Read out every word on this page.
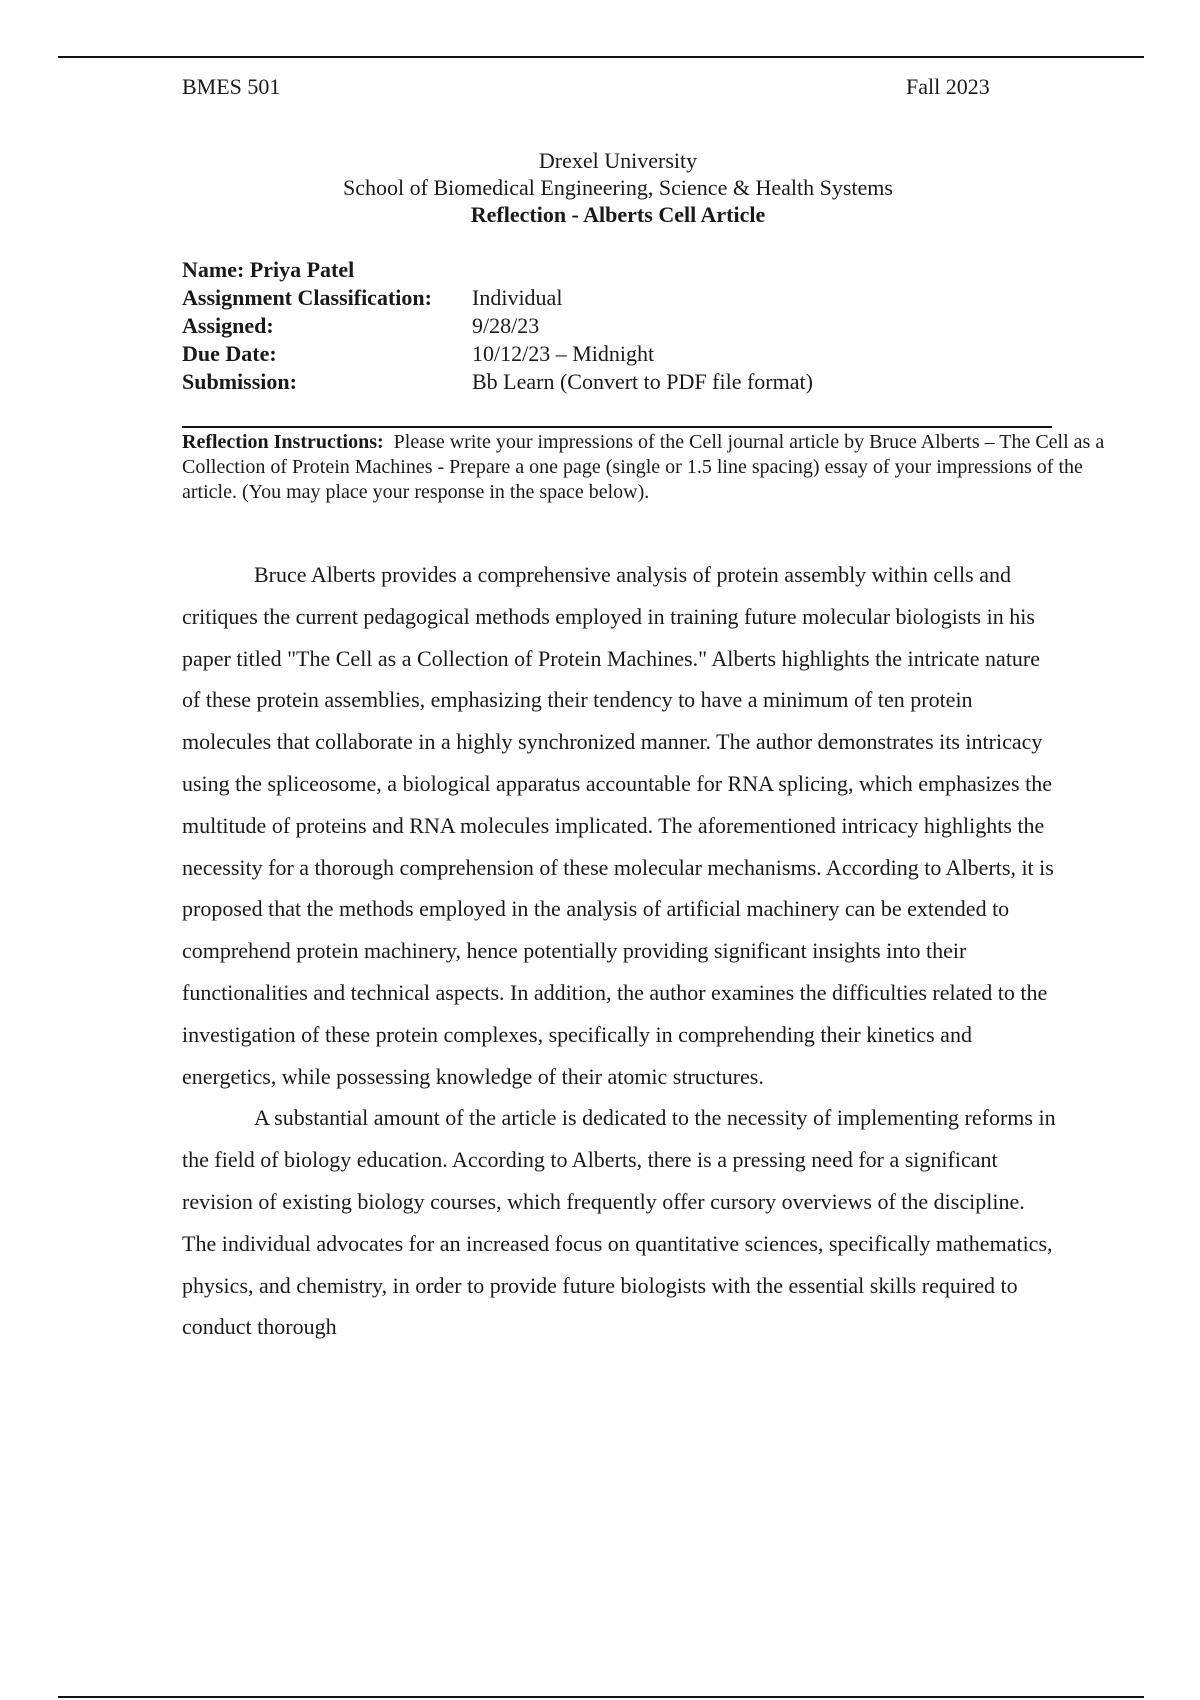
BMES 501	Fall 2023
Drexel University
School of Biomedical Engineering, Science & Health Systems
Reflection - Alberts Cell Article
Name: Priya Patel
Assignment Classification:	Individual
Assigned:	9/28/23
Due Date:	10/12/23 – Midnight
Submission:	Bb Learn (Convert to PDF file format)
Reflection Instructions: Please write your impressions of the Cell journal article by Bruce Alberts – The Cell as a Collection of Protein Machines - Prepare a one page (single or 1.5 line spacing) essay of your impressions of the article. (You may place your response in the space below).

Bruce Alberts provides a comprehensive analysis of protein assembly within cells and critiques the current pedagogical methods employed in training future molecular biologists in his paper titled "The Cell as a Collection of Protein Machines." Alberts highlights the intricate nature of these protein assemblies, emphasizing their tendency to have a minimum of ten protein molecules that collaborate in a highly synchronized manner. The author demonstrates its intricacy using the spliceosome, a biological apparatus accountable for RNA splicing, which emphasizes the multitude of proteins and RNA molecules implicated. The aforementioned intricacy highlights the necessity for a thorough comprehension of these molecular mechanisms. According to Alberts, it is proposed that the methods employed in the analysis of artificial machinery can be extended to comprehend protein machinery, hence potentially providing significant insights into their functionalities and technical aspects. In addition, the author examines the difficulties related to the investigation of these protein complexes, specifically in comprehending their kinetics and energetics, while possessing knowledge of their atomic structures.

A substantial amount of the article is dedicated to the necessity of implementing reforms in the field of biology education. According to Alberts, there is a pressing need for a significant revision of existing biology courses, which frequently offer cursory overviews of the discipline. The individual advocates for an increased focus on quantitative sciences, specifically mathematics, physics, and chemistry, in order to provide future biologists with the essential skills required to conduct thorough
